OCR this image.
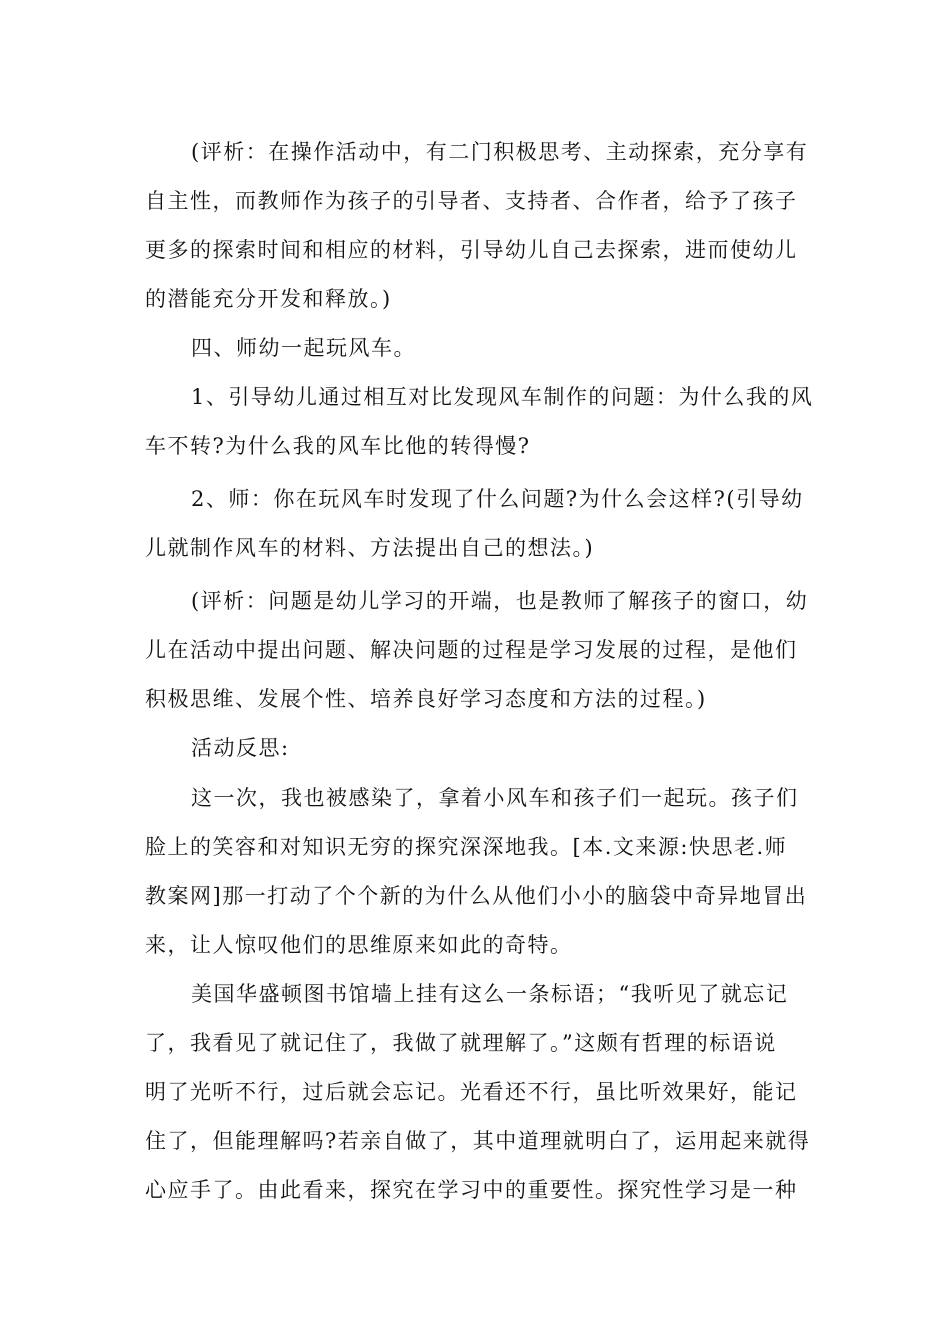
(评析：在操作活动中，有二门积极思考、主动探索，充分享有
自主性，而教师作为孩子的引导者、支持者、合作者，给予了孩子
更多的探索时间和相应的材料，引导幼儿自己去探索，进而使幼儿
的潜能充分开发和释放。)
四、师幼一起玩风车。
1、引导幼儿通过相互对比发现风车制作的问题：为什么我的风
车不转?为什么我的风车比他的转得慢?
2、师：你在玩风车时发现了什么问题?为什么会这样?(引导幼
儿就制作风车的材料、方法提出自己的想法。)
(评析：问题是幼儿学习的开端，也是教师了解孩子的窗口，幼
儿在活动中提出问题、解决问题的过程是学习发展的过程，是他们
积极思维、发展个性、培养良好学习态度和方法的过程。)
活动反思:
这一次，我也被感染了，拿着小风车和孩子们一起玩。孩子们
脸上的笑容和对知识无穷的探究深深地我。[本.文来源:快思老.师
教案网]那一打动了个个新的为什么从他们小小的脑袋中奇异地冒出
来，让人惊叹他们的思维原来如此的奇特。
美国华盛顿图书馆墙上挂有这么一条标语；“我听见了就忘记
了，我看见了就记住了，我做了就理解了。”这颇有哲理的标语说
明了光听不行，过后就会忘记。光看还不行，虽比听效果好，能记
住了，但能理解吗?若亲自做了，其中道理就明白了，运用起来就得
心应手了。由此看来，探究在学习中的重要性。探究性学习是一种
